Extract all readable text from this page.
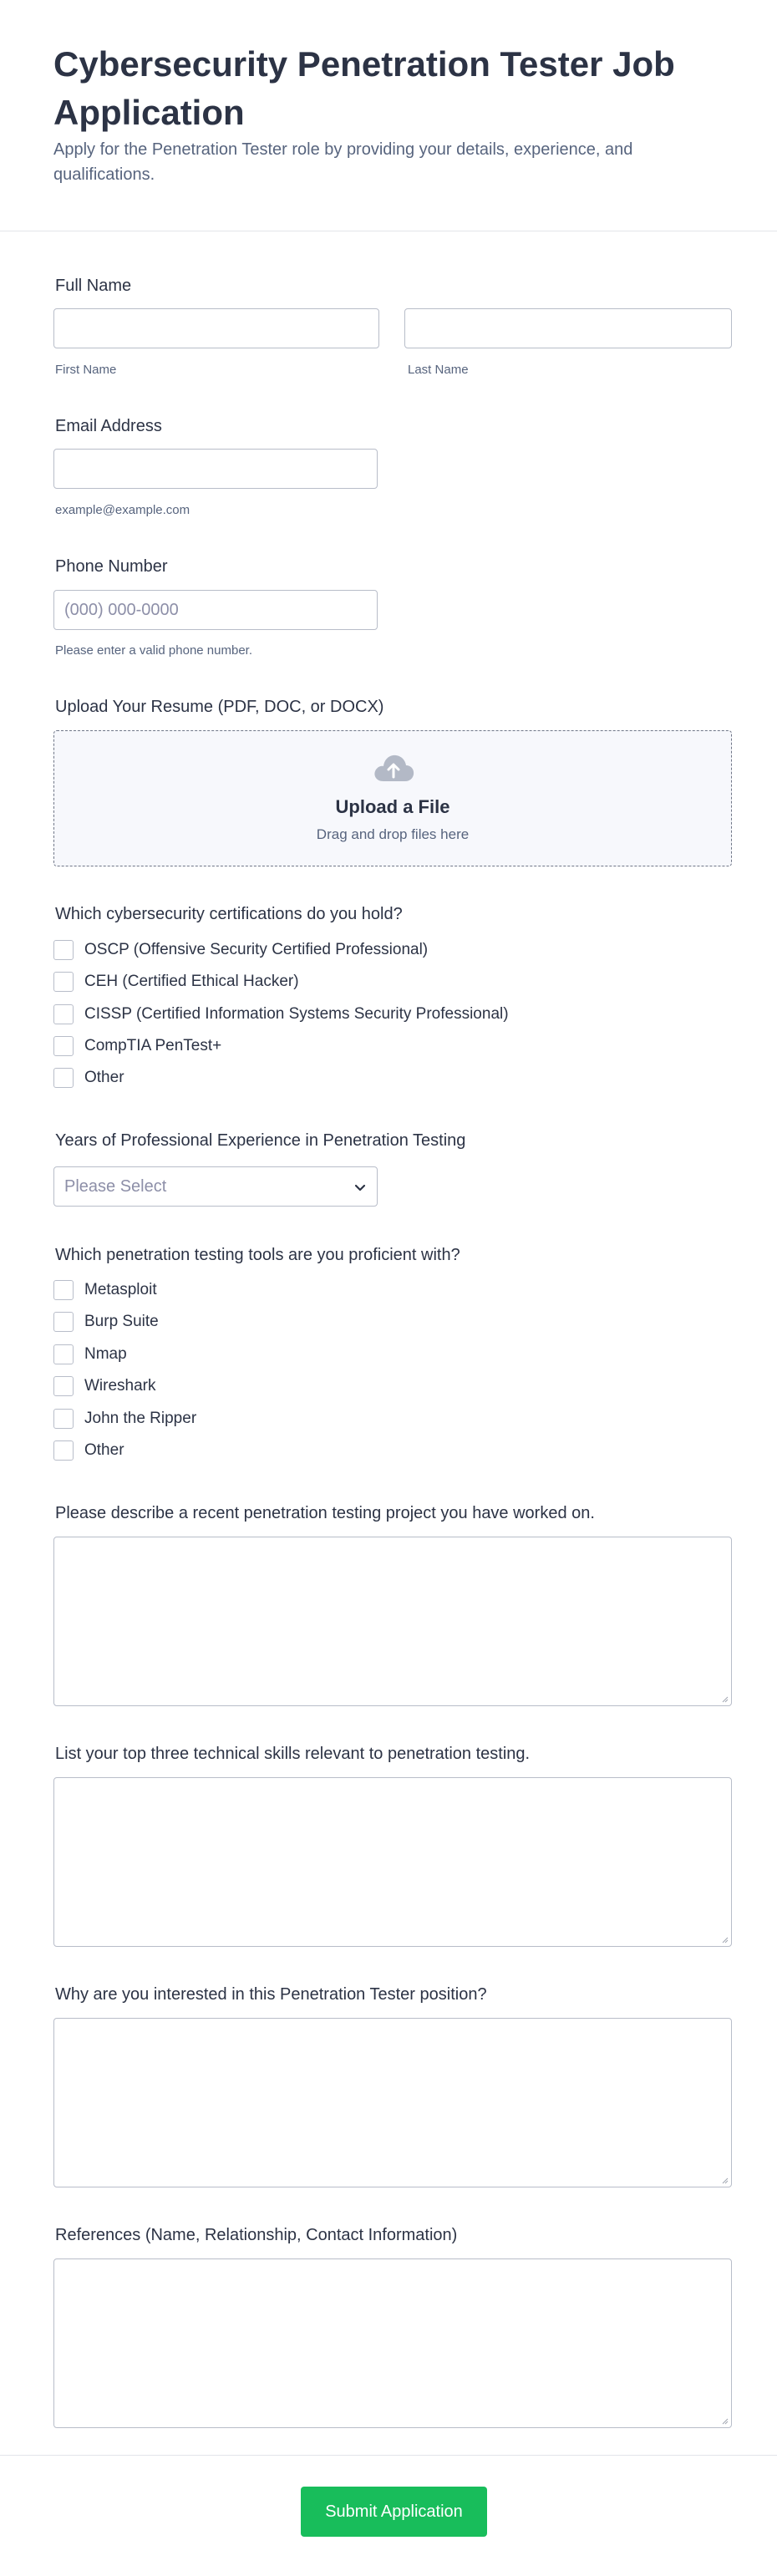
Cybersecurity Penetration Tester Job Application
Apply for the Penetration Tester role by providing your details, experience, and qualifications.
Full Name
First Name	Last Name
Email Address
example@example.com
Phone Number
(000) 000-0000
Please enter a valid phone number.
Upload Your Resume (PDF, DOC, or DOCX)
Upload a File
Drag and drop files here
Which cybersecurity certifications do you hold?
OSCP (Offensive Security Certified Professional)
CEH (Certified Ethical Hacker)
CISSP (Certified Information Systems Security Professional)
CompTIA PenTest+
Other
Years of Professional Experience in Penetration Testing
Please Select
Which penetration testing tools are you proficient with?
Metasploit
Burp Suite
Nmap
Wireshark
John the Ripper
Other
Please describe a recent penetration testing project you have worked on.
List your top three technical skills relevant to penetration testing.
Why are you interested in this Penetration Tester position?
References (Name, Relationship, Contact Information)
Submit Application
